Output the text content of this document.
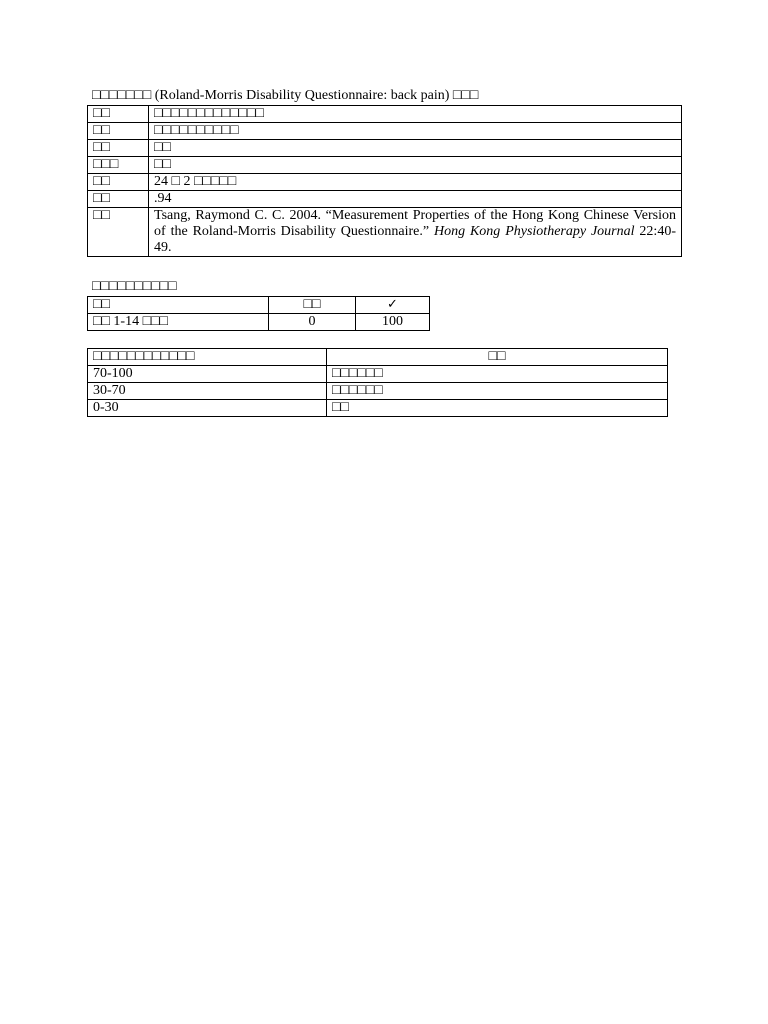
□□□□□□□ (Roland-Morris Disability Questionnaire: back pain) □□□
□□	□□□□□□□□□□□□□
□□	□□□□□□□□□□
□□	□□
□□□	□□
□□	24 □ 2 □□□□□
□□	.94
□□	Tsang, Raymond C. C. 2004. “Measurement Properties of the Hong Kong Chinese Version of the Roland-Morris Disability Questionnaire.” Hong Kong Physiotherapy Journal 22:40-49.
□□□□□□□□□□
□□	□□	✓
□□ 1-14 □□□	0	100
□□□□□□□□□□□□	□□
70-100	□□□□□□
30-70	□□□□□□
0-30	□□
